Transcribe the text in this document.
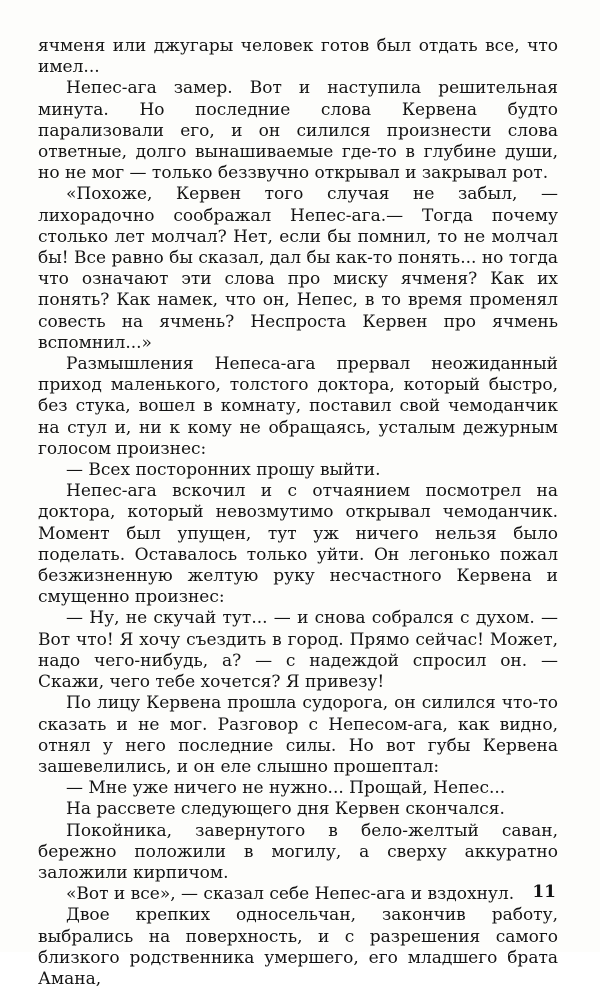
ячменя или джугары человек готов был отдать все, что имел...

Непес-ага замер. Вот и наступила решительная минута. Но последние слова Кервена будто парализовали его, и он силился произнести слова ответные, долго вынашиваемые где-то в глубине души, но не мог — только беззвучно открывал и закрывал рот.

«Похоже, Кервен того случая не забыл, — лихорадочно соображал Непес-ага.— Тогда почему столько лет молчал? Нет, если бы помнил, то не молчал бы! Все равно бы сказал, дал бы как-то понять... но тогда что означают эти слова про миску ячменя? Как их понять? Как намек, что он, Непес, в то время променял совесть на ячмень? Неспроста Кервен про ячмень вспомнил...»

Размышления Непеса-ага прервал неожиданный приход маленького, толстого доктора, который быстро, без стука, вошел в комнату, поставил свой чемоданчик на стул и, ни к кому не обращаясь, усталым дежурным голосом произнес:

— Всех посторонних прошу выйти.

Непес-ага вскочил и с отчаянием посмотрел на доктора, который невозмутимо открывал чемоданчик. Момент был упущен, тут уж ничего нельзя было поделать. Оставалось только уйти. Он легонько пожал безжизненную желтую руку несчастного Кервена и смущенно произнес:

— Ну, не скучай тут... — и снова собрался с духом. — Вот что! Я хочу съездить в город. Прямо сейчас! Может, надо чего-нибудь, а? — с надеждой спросил он. — Скажи, чего тебе хочется? Я привезу!

По лицу Кервена прошла судорога, он силился что-то сказать и не мог. Разговор с Непесом-ага, как видно, отнял у него последние силы. Но вот губы Кервена зашевелились, и он еле слышно прошептал:

— Мне уже ничего не нужно... Прощай, Непес...

На рассвете следующего дня Кервен скончался.

Покойника, завернутого в бело-желтый саван, бережно положили в могилу, а сверху аккуратно заложили кирпичом.

«Вот и все», — сказал себе Непес-ага и вздохнул.

Двое крепких односельчан, закончив работу, выбрались на поверхность, и с разрешения самого близкого родственника умершего, его младшего брата Амана,

11
